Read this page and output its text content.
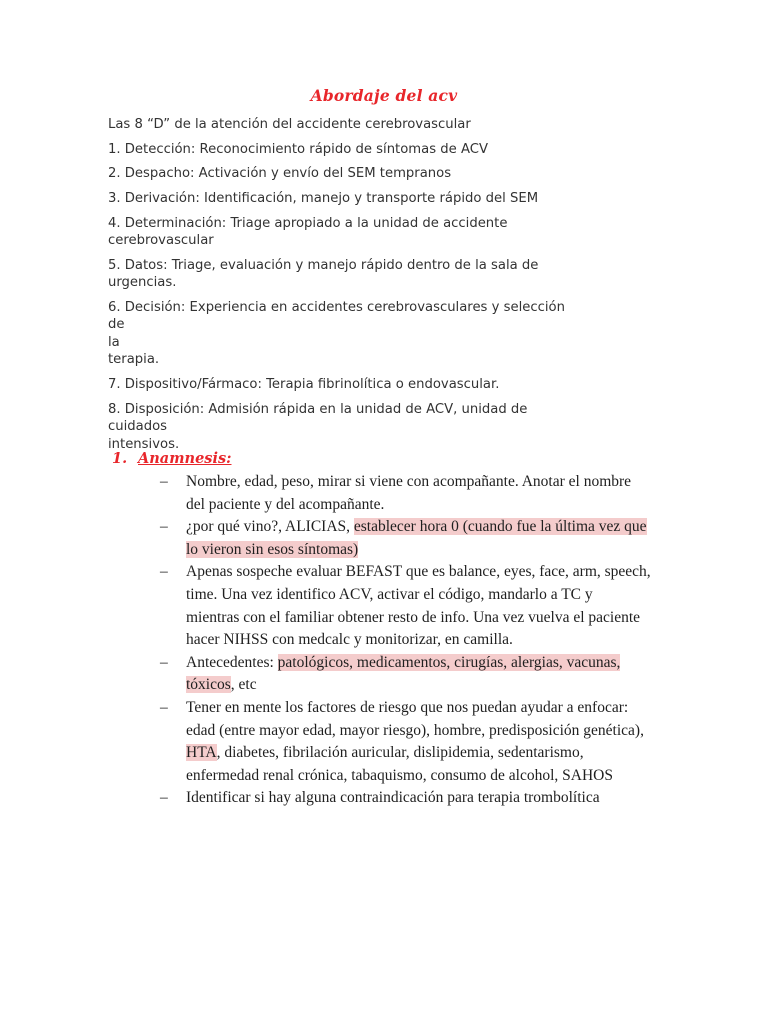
Abordaje del acv
Las 8 “D” de la atención del accidente cerebrovascular
1. Detección: Reconocimiento rápido de síntomas de ACV
2. Despacho: Activación y envío del SEM tempranos
3. Derivación: Identificación, manejo y transporte rápido del SEM
4. Determinación: Triage apropiado a la unidad de accidente
cerebrovascular
5. Datos: Triage, evaluación y manejo rápido dentro de la sala de
urgencias.
6. Decisión: Experiencia en accidentes cerebrovasculares y selección de
la
terapia.
7. Dispositivo/Fármaco: Terapia fibrinolítica o endovascular.
8. Disposición: Admisión rápida en la unidad de ACV, unidad de
cuidados
intensivos.
1. Anamnesis:
– Nombre, edad, peso, mirar si viene con acompañante. Anotar el nombre
del paciente y del acompañante.
– ¿por qué vino?, ALICIAS, establecer hora 0 (cuando fue la última vez que
lo vieron sin esos síntomas)
– Apenas sospeche evaluar BEFAST que es balance, eyes, face, arm, speech,
time. Una vez identifico ACV, activar el código, mandarlo a TC y
mientras con el familiar obtener resto de info. Una vez vuelva el paciente
hacer NIHSS con medcalc y monitorizar, en camilla.
– Antecedentes: patológicos, medicamentos, cirugías, alergias, vacunas,
tóxicos, etc
– Tener en mente los factores de riesgo que nos puedan ayudar a enfocar:
edad (entre mayor edad, mayor riesgo), hombre, predisposición genética),
HTA, diabetes, fibrilación auricular, dislipidemia, sedentarismo,
enfermedad renal crónica, tabaquismo, consumo de alcohol, SAHOS
– Identificar si hay alguna contraindicación para terapia trombolítica
